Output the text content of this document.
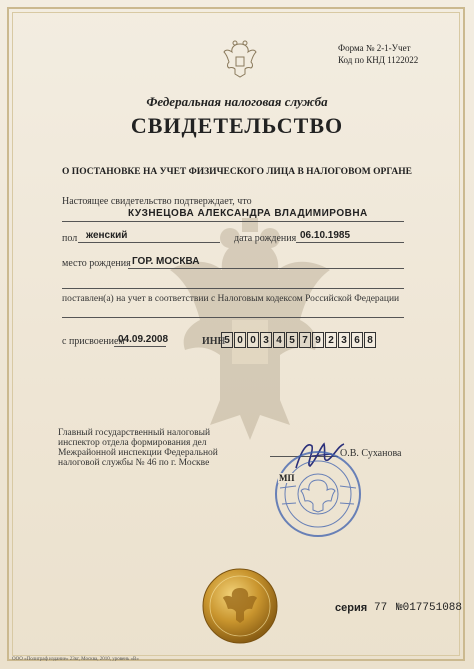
Форма № 2-1-Учет
Код по КНД 1122022
Федеральная налоговая служба
СВИДЕТЕЛЬСТВО
О ПОСТАНОВКЕ НА УЧЕТ ФИЗИЧЕСКОГО ЛИЦА В НАЛОГОВОМ ОРГАНЕ
Настоящее свидетельство подтверждает, что
КУЗНЕЦОВА АЛЕКСАНДРА ВЛАДИМИРОВНА
пол женский	дата рождения 06.10.1985
место рождения ГОР. МОСКВА
поставлен(а) на учет в соответствии с Налоговым кодексом Российской Федерации
с присвоением
04.09.2008	ИНН
5 0 0 3 4 5 7 9 2 3 6 8
Главный государственный налоговый
инспектор отдела формирования дел
Межрайонной инспекции Федеральной
налоговой службы № 46 по г. Москве
О.В. Суханова
МП
серия 77 №017751088
ООО «Полиграф издание» 23кг, Москва, 2010, уровень «В»
